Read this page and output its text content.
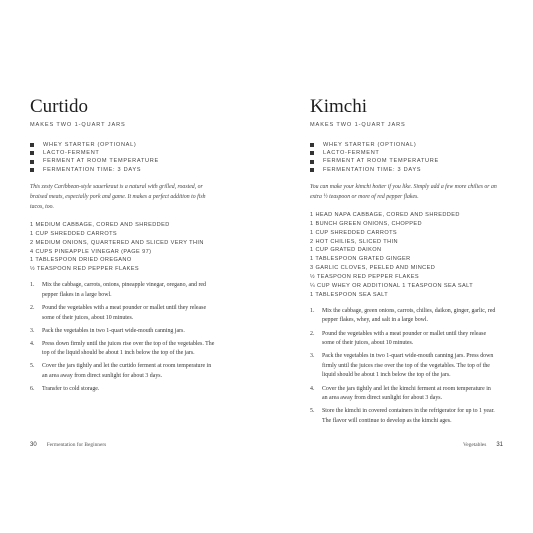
Curtido
MAKES TWO 1-QUART JARS
WHEY STARTER (OPTIONAL)
LACTO-FERMENT
FERMENT AT ROOM TEMPERATURE
FERMENTATION TIME: 3 DAYS

This zesty Caribbean-style sauerkraut is a natural with grilled, roasted, or
braised meats, especially pork and game. It makes a perfect addition to fish
tacos, too.

1 MEDIUM CABBAGE, CORED AND SHREDDED
1 CUP SHREDDED CARROTS
2 MEDIUM ONIONS, QUARTERED AND SLICED VERY THIN
4 CUPS PINEAPPLE VINEGAR (PAGE 97)
1 TABLESPOON DRIED OREGANO
½ TEASPOON RED PEPPER FLAKES
1.	Mix the cabbage, carrots, onions, pineapple vinegar, oregano, and red
pepper flakes in a large bowl.
2.	Pound the vegetables with a meat pounder or mallet until they release
some of their juices, about 10 minutes.
3.	Pack the vegetables in two 1-quart wide-mouth canning jars.
4.	Press down firmly until the juices rise over the top of the vegetables. The
top of the liquid should be about 1 inch below the top of the jars.
5.	Cover the jars tightly and let the curtido ferment at room temperature in
an area away from direct sunlight for about 3 days.
6.	Transfer to cold storage.
30 Fermentation for Beginners
Kimchi
MAKES TWO 1-QUART JARS
WHEY STARTER (OPTIONAL)
LACTO-FERMENT
FERMENT AT ROOM TEMPERATURE
FERMENTATION TIME: 3 DAYS

You can make your kimchi hotter if you like. Simply add a few more chilies or an
extra ½ teaspoon or more of red pepper flakes.

1 HEAD NAPA CABBAGE, CORED AND SHREDDED
1 BUNCH GREEN ONIONS, CHOPPED
1 CUP SHREDDED CARROTS
2 HOT CHILIES, SLICED THIN
1 CUP GRATED DAIKON
1 TABLESPOON GRATED GINGER
3 GARLIC CLOVES, PEELED AND MINCED
½ TEASPOON RED PEPPER FLAKES
¼ CUP WHEY OR ADDITIONAL 1 TEASPOON SEA SALT
1 TABLESPOON SEA SALT
1.	Mix the cabbage, green onions, carrots, chilies, daikon, ginger, garlic, red
pepper flakes, whey, and salt in a large bowl.
2.	Pound the vegetables with a meat pounder or mallet until they release
some of their juices, about 10 minutes.
3.	Pack the vegetables in two 1-quart wide-mouth canning jars. Press down
firmly until the juices rise over the top of the vegetables. The top of the
liquid should be about 1 inch below the top of the jars.
4.	Cover the jars tightly and let the kimchi ferment at room temperature in
an area away from direct sunlight for about 3 days.
5.	Store the kimchi in covered containers in the refrigerator for up to 1 year.
The flavor will continue to develop as the kimchi ages.
Vegetables 31
